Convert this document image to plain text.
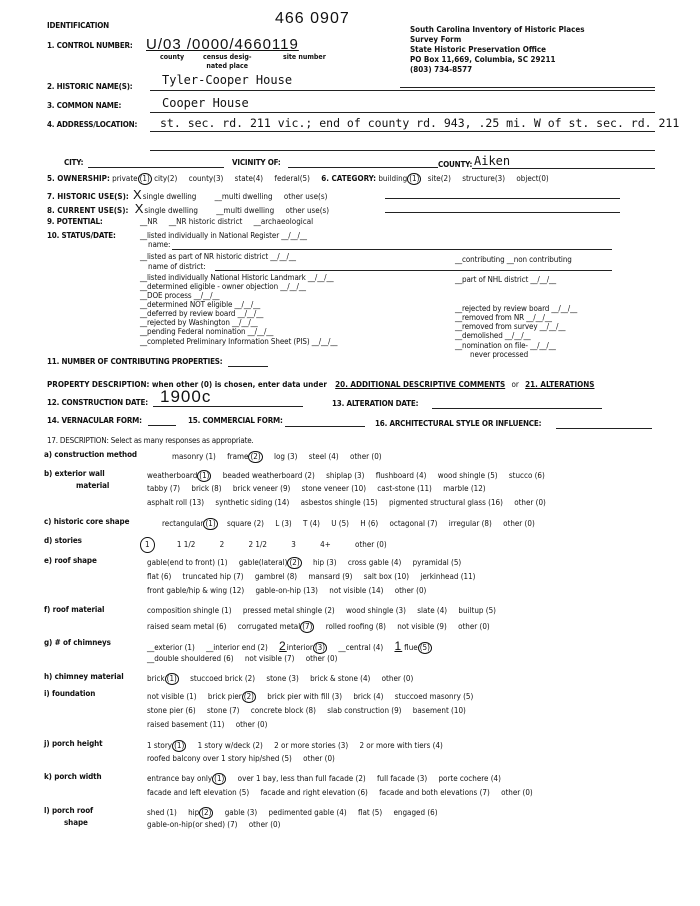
IDENTIFICATION	466 0907
South Carolina Inventory of Historic Places
Survey Form
State Historic Preservation Office
PO Box 11,669, Columbia, SC 29211
(803) 734-8577
1. CONTROL NUMBER: U/03 /0000/4660119
county	census desig-
nated place
site number
2. HISTORIC NAME(S): Tyler-Cooper House
3. COMMON NAME:	Cooper House
4. ADDRESS/LOCATION: st. sec. rd. 211 vic.; end of county rd. 943, .25 mi. W of st. sec. rd. 211
CITY:	VICINITY OF:	COUNTY: Aiken
5. OWNERSHIP: private (1) city(2) county(3) state(4) federal(5) 6. CATEGORY: building (1) site(2) structure(3) object(0)
7. HISTORIC USE(S): Xsingle dwelling __multi dwelling other use(s)
8. CURRENT USE(S): Xsingle dwelling __multi dwelling other use(s)
9. POTENTIAL:	__NR __NR historic district __archaeological
10. STATUS/DATE:	__listed individually in National Register __/__/__
name:
__listed as part of NR historic district __/__/__
name of district:
__listed individually National Historic Landmark __/__/__
__determined eligible - owner objection __/__/__
__DOE process __/__/__
__determined NOT eligible __/__/__
__deferred by review board __/__/__
__rejected by Washington __/__/__
__pending Federal nomination __/__/__
__completed Preliminary Information Sheet (PIS) __/__/__
__contributing __non contributing
__part of NHL district __/__/__
__rejected by review board __/__/__
__removed from NR __/__/__
__removed from survey __/__/__
__demolished __/__/__
__nomination on file- __/__/__
never processed
11. NUMBER OF CONTRIBUTING PROPERTIES:
PROPERTY DESCRIPTION: when other (0) is chosen, enter data under 20. ADDITIONAL DESCRIPTIVE COMMENTS or 21. ALTERATIONS
12. CONSTRUCTION DATE: 1900c	13. ALTERATION DATE:
14. VERNACULAR FORM:	15. COMMERCIAL FORM:	16. ARCHITECTURAL STYLE OR INFLUENCE:
17. DESCRIPTION: Select as many responses as appropriate.
a) construction method	masonry (1) frame (2) log (3) steel (4) other (0)
b) exterior wall
material
weatherboard (1) beaded weatherboard (2) shiplap (3) flushboard (4) wood shingle (5) stucco (6)
tabby (7) brick (8) brick veneer (9) stone veneer (10) cast-stone (11) marble (12)
asphalt roll (13) synthetic siding (14) asbestos shingle (15) pigmented structural glass (16) other (0)
c) historic core shape	rectangular (1) square (2) L (3) T (4) U (5) H (6) octagonal (7) irregular (8) other (0)
d) stories	1	1 1/2	2	2 1/2	3	4+	other (0)
e) roof shape	gable(end to front) (1) gable(lateral) (2) hip (3) cross gable (4) pyramidal (5)
flat (6) truncated hip (7) gambrel (8) mansard (9) salt box (10) jerkinhead (11)
front gable/hip & wing (12) gable-on-hip (13) not visible (14) other (0)
f) roof material	composition shingle (1) pressed metal shingle (2) wood shingle (3) slate (4) builtup (5)
raised seam metal (6) corrugated metal (7) rolled roofing (8) not visible (9) other (0)
g) # of chimneys
__exterior (1) __interior end (2) 2interior (3) __central (4) 1 flue (5)
__double shouldered (6) not visible (7) other (0)
h) chimney material	brick (1) stuccoed brick (2) stone (3) brick & stone (4) other (0)
i) foundation	not visible (1) brick pier (2) brick pier with fill (3) brick (4) stuccoed masonry (5)
stone pier (6) stone (7) concrete block (8) slab construction (9) basement (10)
raised basement (11) other (0)
j) porch height	1 story (1) 1 story w/deck (2) 2 or more stories (3) 2 or more with tiers (4)
roofed balcony over 1 story hip/shed (5) other (0)
k) porch width	entrance bay only (1) over 1 bay, less than full facade (2) full facade (3) porte cochere (4)
facade and left elevation (5) facade and right elevation (6) facade and both elevations (7) other (0)
l) porch roof
shape
shed (1) hip (2) gable (3) pedimented gable (4) flat (5) engaged (6)
gable-on-hip(or shed) (7) other (0)
